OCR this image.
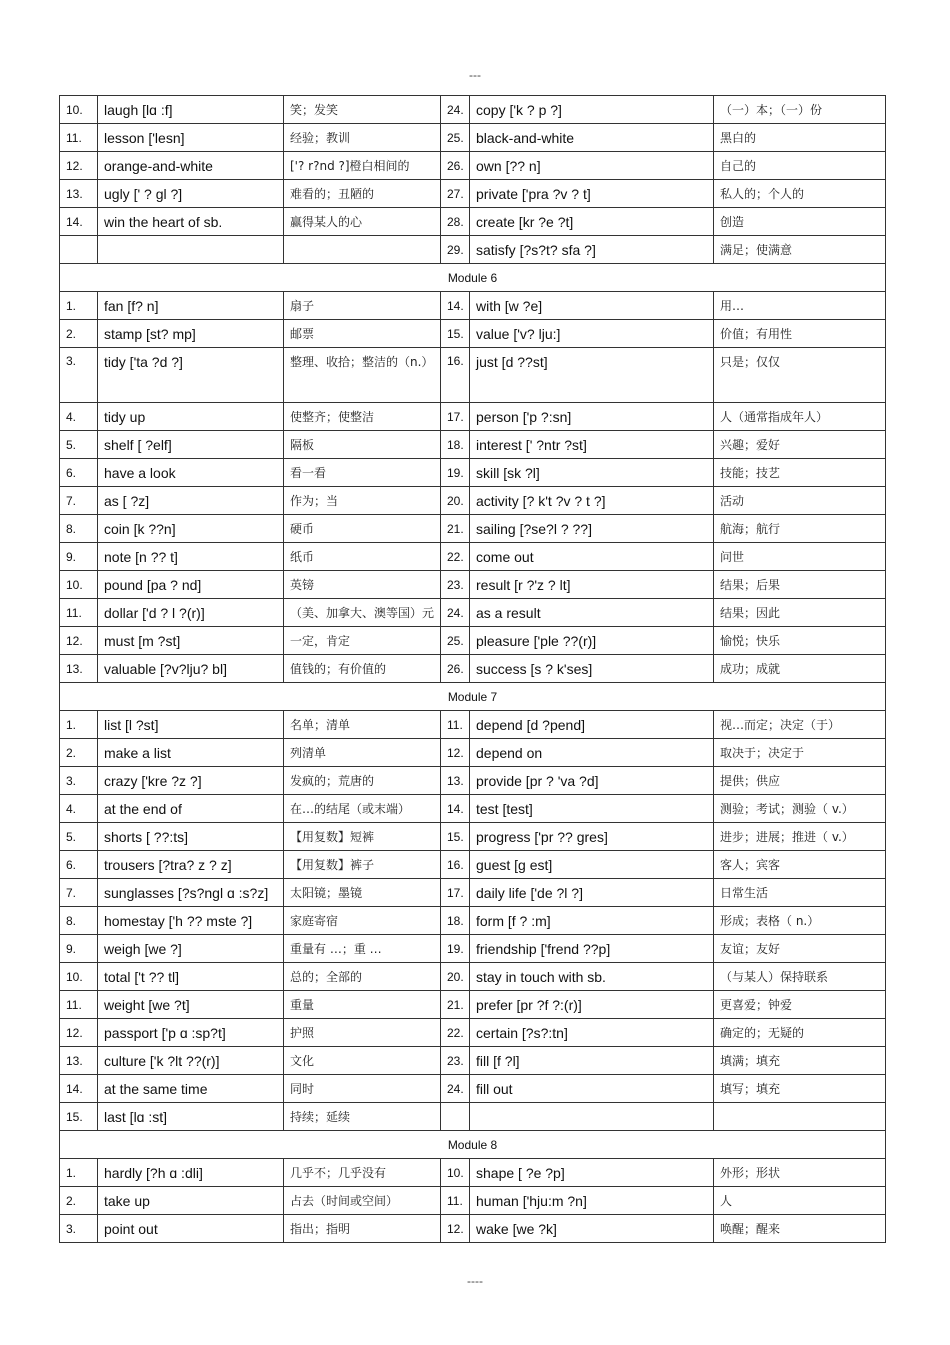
---
10.	laugh [lɑ :f]	笑；发笑	24.	copy ['k ? p ?]	（一）本；（一）份
11.	lesson ['lesn]	经验；教训	25.	black-and-white	黑白的
12.	orange-and-white	['? r?nd ?]橙白相间的	26.	own [?? n]	自己的
13.	ugly [' ? ɡl ?]	难看的；丑陋的	27.	private ['pra ?v ? t]	私人的；个人的
14.	win the heart of sb.	赢得某人的心	28.	create [kr ?e ?t]	创造
			29.	satisfy [?s?t? sfa ?]	满足；使满意
Module 6					
1.	fan [f? n]	扇子	14.	with [w ?e]	用…
2.	stamp [st? mp]	邮票	15.	value ['v? lju:]	价值；有用性
3.	tidy ['ta ?d ?]	整理、收拾；整洁的（n.）	16.	just [d ??st]	只是；仅仅
4.	tidy up	使整齐；使整洁	17.	person ['p ?:sn]	人（通常指成年人）
5.	shelf [ ?elf]	隔板	18.	interest [' ?ntr ?st]	兴趣；爱好
6.	have a look	看一看	19.	skill [sk ?l]	技能；技艺
7.	as [ ?z]	作为；当	20.	activity [? k't ?v ? t ?]	活动
8.	coin [k ??n]	硬币	21.	sailing [?se?l ? ??]	航海；航行
9.	note [n ?? t]	纸币	22.	come out	问世
10.	pound [pa ? nd]	英镑	23.	result [r ?'z ? lt]	结果；后果
11.	dollar ['d ? l ?(r)]	（美、加拿大、澳等国）元	24.	as a result	结果；因此
12.	must [m ?st]	一定，肯定	25.	pleasure ['ple ??(r)]	愉悦；快乐
13.	valuable [?v?lju? bl]	值钱的；有价值的	26.	success [s ? k'ses]	成功；成就
Module 7					
1.	list [l ?st]	名单；清单	11.	depend [d ?pend]	视…而定；决定（于）
2.	make a list	列清单	12.	depend on	取决于；决定于
3.	crazy ['kre ?z ?]	发疯的；荒唐的	13.	provide [pr ? 'va ?d]	提供；供应
4.	at the end of	在…的结尾（或末端）	14.	test [test]	测验；考试；测验（ v.）
5.	shorts [ ??:ts]	【用复数】短裤	15.	progress ['pr ?? ɡres]	进步；进展；推进（ v.）
6.	trousers [?tra? z ? z]	【用复数】裤子	16.	guest [ɡ est]	客人；宾客
7.	sunglasses [?s?ngl ɑ :s?z]	太阳镜；墨镜	17.	daily life ['de ?l ?]	日常生活
8.	homestay ['h ?? mste ?]	家庭寄宿	18.	form [f ? :m]	形成；表格（ n.）
9.	weigh [we ?]	重量有 …；重 …	19.	friendship ['frend ??p]	友谊；友好
10.	total ['t ?? tl]	总的；全部的	20.	stay in touch with sb.	（与某人）保持联系
11.	weight [we ?t]	重量	21.	prefer [pr ?f ?:(r)]	更喜爱；钟爱
12.	passport ['p ɑ :sp?t]	护照	22.	certain [?s?:tn]	确定的；无疑的
13.	culture ['k ?lt ??(r)]	文化	23.	fill [f ?l]	填满；填充
14.	at the same time	同时	24.	fill out	填写；填充
15.	last [lɑ :st]	持续；延续			
Module 8					
1.	hardly [?h ɑ :dli]	几乎不；几乎没有	10.	shape [ ?e ?p]	外形；形状
2.	take up	占去（时间或空间）	11.	human ['hju:m ?n]	人
3.	point out	指出；指明	12.	wake [we ?k]	唤醒；醒来
----
